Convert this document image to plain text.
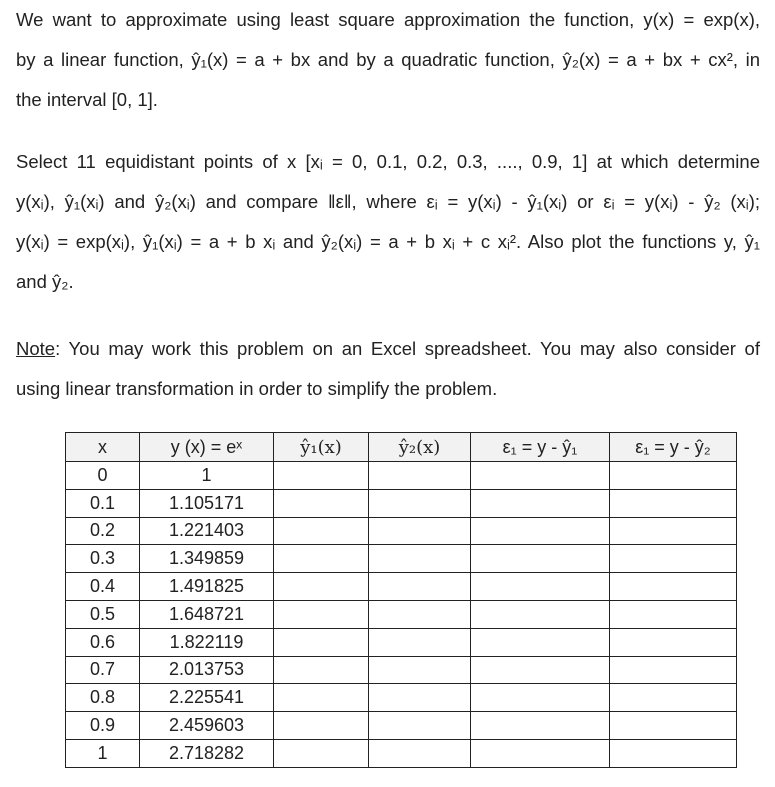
We want to approximate using least square approximation the function, y(x) = exp(x),
by a linear function, ŷ₁(x) = a + bx and by a quadratic function, ŷ₂(x) = a + bx + cx², in
the interval [0, 1].
Select 11 equidistant points of x [xᵢ = 0, 0.1, 0.2, 0.3, ...., 0.9, 1] at which determine
y(xᵢ), ŷ₁(xᵢ) and ŷ₂(xᵢ) and compare ‖ε‖, where εᵢ = y(xᵢ) - ŷ₁(xᵢ) or εᵢ = y(xᵢ) - ŷ₂ (xᵢ);
y(xᵢ) = exp(xᵢ), ŷ₁(xᵢ) = a + b xᵢ and ŷ₂(xᵢ) = a + b xᵢ + c xᵢ². Also plot the functions y, ŷ₁
and ŷ₂.
Note: You may work this problem on an Excel spreadsheet. You may also consider of
using linear transformation in order to simplify the problem.
x	y (x) = eˣ	ŷ₁(x)	ŷ₂(x)	ε₁ = y - ŷ₁	ε₁ = y - ŷ₂
0	1				
0.1	1.105171				
0.2	1.221403				
0.3	1.349859				
0.4	1.491825				
0.5	1.648721				
0.6	1.822119				
0.7	2.013753				
0.8	2.225541				
0.9	2.459603				
1	2.718282				
